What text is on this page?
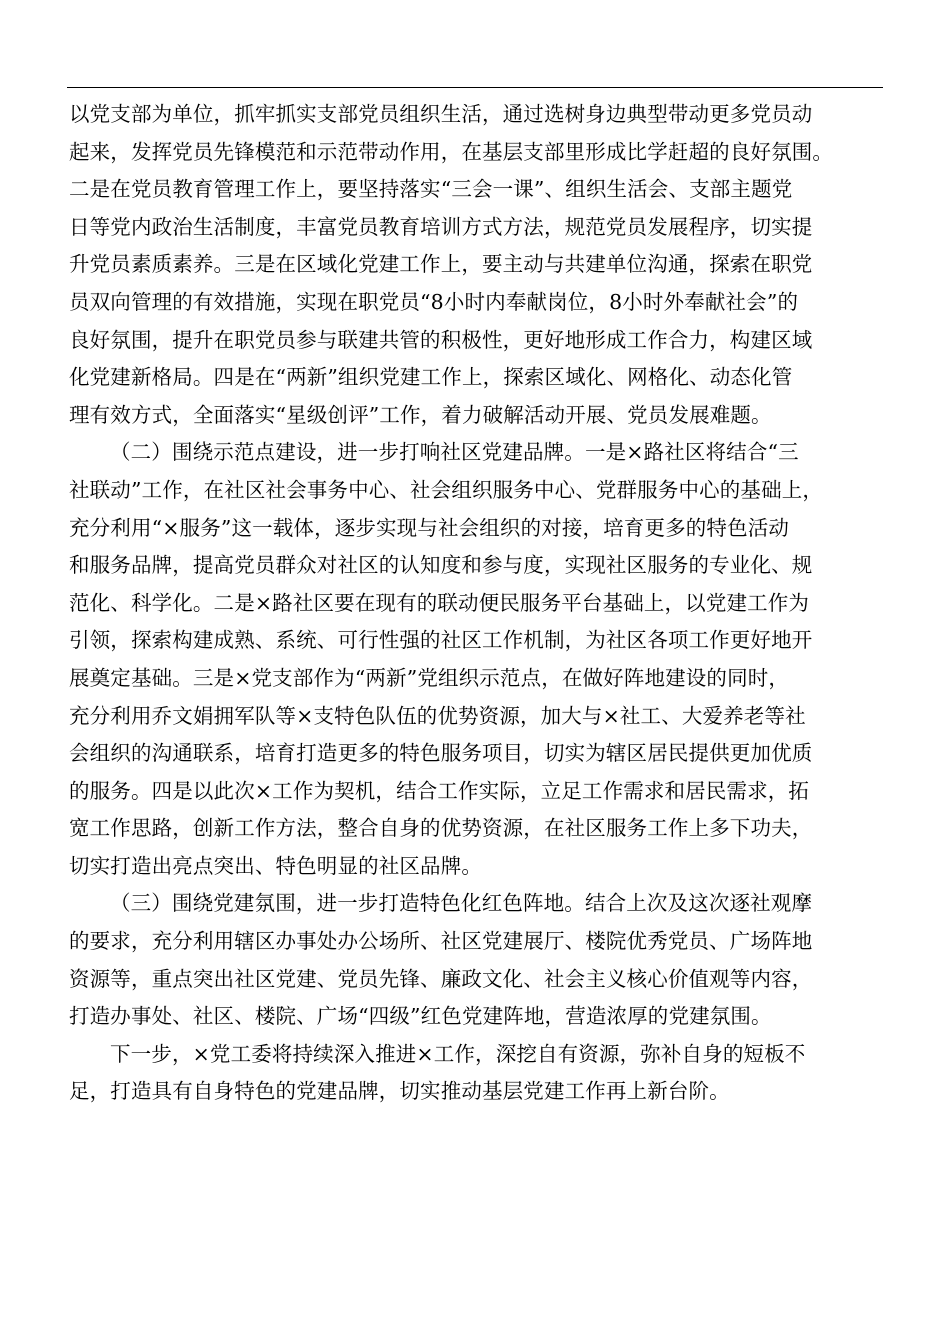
以党支部为单位，抓牢抓实支部党员组织生活，通过选树身边典型带动更多党员动
起来，发挥党员先锋模范和示范带动作用，在基层支部里形成比学赶超的良好氛围。
二是在党员教育管理工作上，要坚持落实“三会一课”、组织生活会、支部主题党
日等党内政治生活制度，丰富党员教育培训方式方法，规范党员发展程序，切实提
升党员素质素养。三是在区域化党建工作上，要主动与共建单位沟通，探索在职党
员双向管理的有效措施，实现在职党员“8小时内奉献岗位，8小时外奉献社会”的
良好氛围，提升在职党员参与联建共管的积极性，更好地形成工作合力，构建区域
化党建新格局。四是在“两新”组织党建工作上，探索区域化、网格化、动态化管
理有效方式，全面落实“星级创评”工作，着力破解活动开展、党员发展难题。
（二）围绕示范点建设，进一步打响社区党建品牌。一是×路社区将结合“三
社联动”工作，在社区社会事务中心、社会组织服务中心、党群服务中心的基础上，
充分利用“×服务”这一载体，逐步实现与社会组织的对接，培育更多的特色活动
和服务品牌，提高党员群众对社区的认知度和参与度，实现社区服务的专业化、规
范化、科学化。二是×路社区要在现有的联动便民服务平台基础上，以党建工作为
引领，探索构建成熟、系统、可行性强的社区工作机制，为社区各项工作更好地开
展奠定基础。三是×党支部作为“两新”党组织示范点，在做好阵地建设的同时，
充分利用乔文娟拥军队等×支特色队伍的优势资源，加大与×社工、大爱养老等社
会组织的沟通联系，培育打造更多的特色服务项目，切实为辖区居民提供更加优质
的服务。四是以此次×工作为契机，结合工作实际，立足工作需求和居民需求，拓
宽工作思路，创新工作方法，整合自身的优势资源，在社区服务工作上多下功夫，
切实打造出亮点突出、特色明显的社区品牌。
（三）围绕党建氛围，进一步打造特色化红色阵地。结合上次及这次逐社观摩
的要求，充分利用辖区办事处办公场所、社区党建展厅、楼院优秀党员、广场阵地
资源等，重点突出社区党建、党员先锋、廉政文化、社会主义核心价值观等内容，
打造办事处、社区、楼院、广场“四级”红色党建阵地，营造浓厚的党建氛围。
下一步，×党工委将持续深入推进×工作，深挖自有资源，弥补自身的短板不
足，打造具有自身特色的党建品牌，切实推动基层党建工作再上新台阶。
